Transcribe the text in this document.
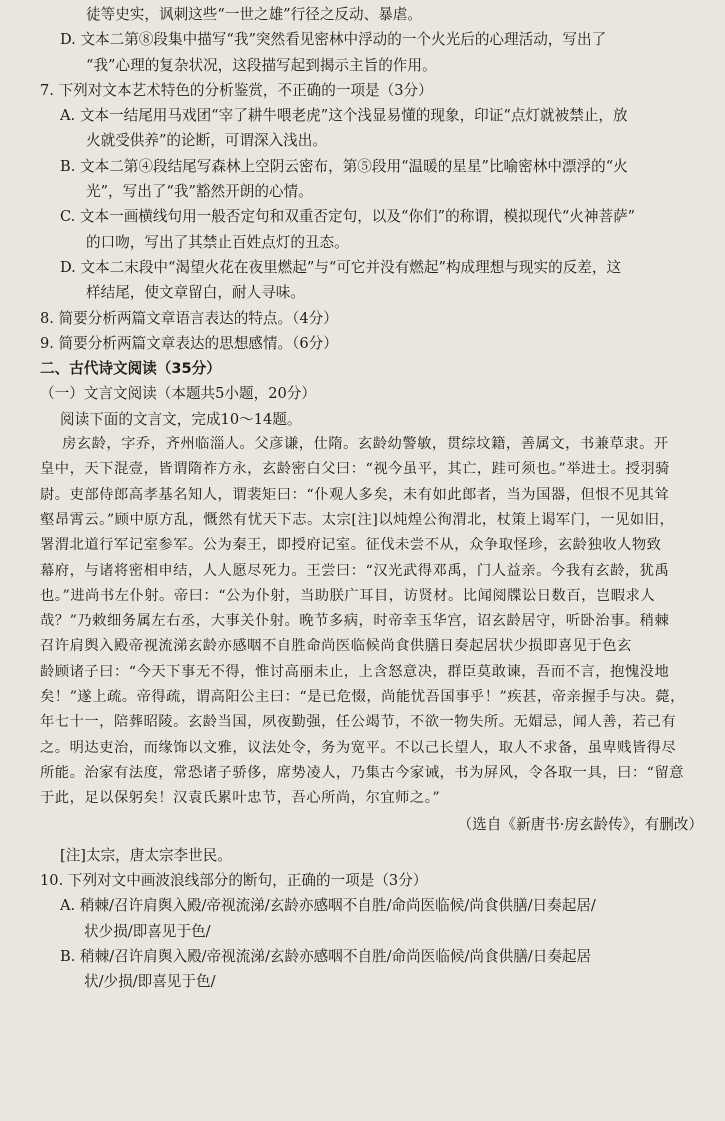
徒等史实，讽刺这些“一世之雄”行径之反动、暴虐。
D. 文本二第⑧段集中描写“我”突然看见密林中浮动的一个火光后的心理活动，写出了
“我”心理的复杂状况，这段描写起到揭示主旨的作用。
7. 下列对文本艺术特色的分析鉴赏，不正确的一项是（3分）
A. 文本一结尾用马戏团“宰了耕牛喂老虎”这个浅显易懂的现象，印证“点灯就被禁止，放
火就受供养”的论断，可谓深入浅出。
B. 文本二第④段结尾写森林上空阴云密布，第⑤段用“温暖的星星”比喻密林中漂浮的“火
光”，写出了“我”豁然开朗的心情。
C. 文本一画横线句用一般否定句和双重否定句，以及“你们”的称谓，模拟现代“火神菩萨”
的口吻，写出了其禁止百姓点灯的丑态。
D. 文本二末段中“渴望火花在夜里燃起”与“可它并没有燃起”构成理想与现实的反差，这
样结尾，使文章留白，耐人寻味。
8. 简要分析两篇文章语言表达的特点。（4分）
9. 简要分析两篇文章表达的思想感情。（6分）
二、古代诗文阅读（35分）
（一）文言文阅读（本题共5小题，20分）
阅读下面的文言文，完成10～14题。
房玄龄，字乔，齐州临淄人。父彦谦，仕隋。玄龄幼警敏，贯综坟籍，善属文，书兼草隶。开
皇中，天下混壹，皆谓隋祚方永，玄龄密白父曰：“视今虽平，其亡，跬可须也。”举进士。授羽骑
尉。吏部侍郎高孝基名知人，谓裴矩曰：“仆观人多矣，未有如此郎者，当为国器，但恨不见其耸
壑昂霄云。”顾中原方乱，慨然有忧天下志。太宗[注]以炖煌公徇渭北，杖策上谒军门，一见如旧，
署渭北道行军记室参军。公为秦王，即授府记室。征伐未尝不从，众争取怪珍，玄龄独收人物致
幕府，与诸将密相申结，人人愿尽死力。王尝曰：“汉光武得邓禹，门人益亲。今我有玄龄，犹禹
也。”进尚书左仆射。帝曰：“公为仆射，当助朕广耳目，访贤材。比闻阅牒讼日数百，岂暇求人
哉？”乃敕细务属左右丞，大事关仆射。晚节多病，时帝幸玉华宫，诏玄龄居守，听卧治事。稍棘
召许肩舆入殿帝视流涕玄龄亦感咽不自胜命尚医临候尚食供膳日奏起居状少损即喜见于色玄
龄顾诸子曰：“今天下事无不得，惟讨高丽未止，上含怒意决，群臣莫敢谏，吾而不言，抱愧没地
矣！”遂上疏。帝得疏，谓高阳公主曰：“是已危惙，尚能忧吾国事乎！”疾甚，帝亲握手与决。薨，
年七十一，陪葬昭陵。玄龄当国，夙夜勤强，任公竭节，不欲一物失所。无媢忌，闻人善，若己有
之。明达吏治，而缘饰以文雅，议法处令，务为宽平。不以己长望人，取人不求备，虽卑贱皆得尽
所能。治家有法度，常恐诸子骄侈，席势凌人，乃集古今家诫，书为屏风，令各取一具，曰：“留意
于此，足以保躬矣！汉袁氏累叶忠节，吾心所尚，尔宜师之。”
（选自《新唐书·房玄龄传》，有删改）
[注]太宗，唐太宗李世民。
10. 下列对文中画波浪线部分的断句，正确的一项是（3分）
A. 稍棘/召许肩舆入殿/帝视流涕/玄龄亦感咽不自胜/命尚医临候/尚食供膳/日奏起居/
状少损/即喜见于色/
B. 稍棘/召许肩舆入殿/帝视流涕/玄龄亦感咽不自胜/命尚医临候/尚食供膳/日奏起居
状/少损/即喜见于色/
